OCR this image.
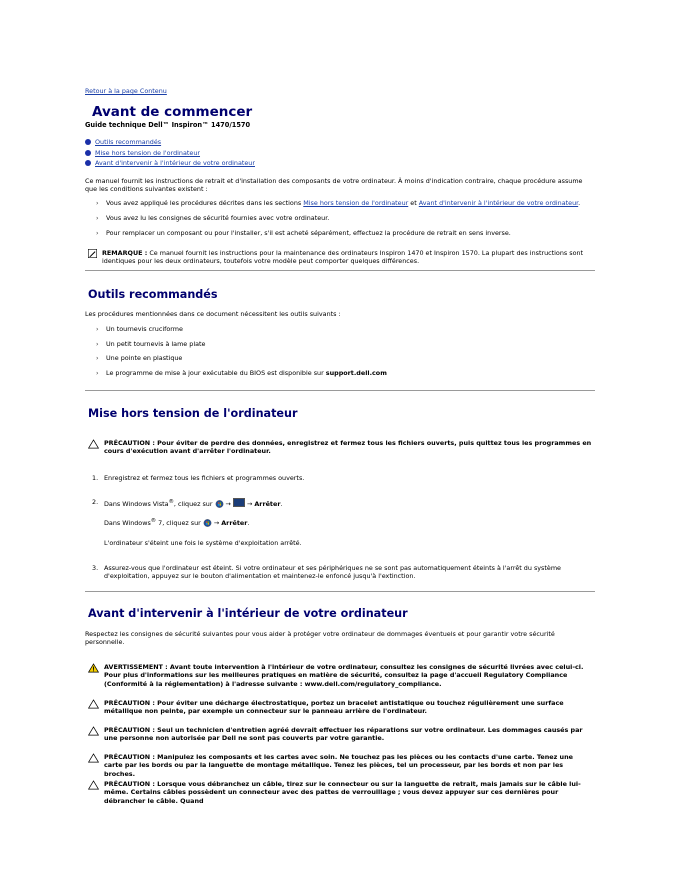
Retour à la page Contenu
Avant de commencer
Guide technique Dell™ Inspiron™ 1470/1570
Outils recommandés
Mise hors tension de l'ordinateur
Avant d'intervenir à l'intérieur de votre ordinateur
Ce manuel fournit les instructions de retrait et d'installation des composants de votre ordinateur. À moins d'indication contraire, chaque procédure assume que les conditions suivantes existent :
›	Vous avez appliqué les procédures décrites dans les sections Mise hors tension de l'ordinateur et Avant d'intervenir à l'intérieur de votre ordinateur.
›	Vous avez lu les consignes de sécurité fournies avec votre ordinateur.
›	Pour remplacer un composant ou pour l'installer, s'il est acheté séparément, effectuez la procédure de retrait en sens inverse.
REMARQUE : Ce manuel fournit les instructions pour la maintenance des ordinateurs Inspiron 1470 et Inspiron 1570. La plupart des instructions sont identiques pour les deux ordinateurs, toutefois votre modèle peut comporter quelques différences.
Outils recommandés
Les procédures mentionnées dans ce document nécessitent les outils suivants :
›	Un tournevis cruciforme
›	Un petit tournevis à lame plate
›	Une pointe en plastique
›	Le programme de mise à jour exécutable du BIOS est disponible sur support.dell.com
Mise hors tension de l'ordinateur
PRÉCAUTION : Pour éviter de perdre des données, enregistrez et fermez tous les fichiers ouverts, puis quittez tous les programmes en cours d'exécution avant d'arrêter l'ordinateur.
1. Enregistrez et fermez tous les fichiers et programmes ouverts.
2. Dans Windows Vista®, cliquez sur  →  → Arrêter.
Dans Windows® 7, cliquez sur  → Arrêter.
L'ordinateur s'éteint une fois le système d'exploitation arrêté.
3. Assurez-vous que l'ordinateur est éteint. Si votre ordinateur et ses périphériques ne se sont pas automatiquement éteints à l'arrêt du système d'exploitation, appuyez sur le bouton d'alimentation et maintenez-le enfoncé jusqu'à l'extinction.
Avant d'intervenir à l'intérieur de votre ordinateur
Respectez les consignes de sécurité suivantes pour vous aider à protéger votre ordinateur de dommages éventuels et pour garantir votre sécurité personnelle.
AVERTISSEMENT : Avant toute intervention à l'intérieur de votre ordinateur, consultez les consignes de sécurité livrées avec celui-ci. Pour plus d'informations sur les meilleures pratiques en matière de sécurité, consultez la page d'accueil Regulatory Compliance (Conformité à la réglementation) à l'adresse suivante : www.dell.com/regulatory_compliance.
PRÉCAUTION : Pour éviter une décharge électrostatique, portez un bracelet antistatique ou touchez régulièrement une surface métallique non peinte, par exemple un connecteur sur le panneau arrière de l'ordinateur.
PRÉCAUTION : Seul un technicien d'entretien agréé devrait effectuer les réparations sur votre ordinateur. Les dommages causés par une personne non autorisée par Dell ne sont pas couverts par votre garantie.
PRÉCAUTION : Manipulez les composants et les cartes avec soin. Ne touchez pas les pièces ou les contacts d'une carte. Tenez une carte par les bords ou par la languette de montage métallique. Tenez les pièces, tel un processeur, par les bords et non par les broches.
PRÉCAUTION : Lorsque vous débranchez un câble, tirez sur le connecteur ou sur la languette de retrait, mais jamais sur le câble lui-même. Certains câbles possèdent un connecteur avec des pattes de verrouillage ; vous devez appuyer sur ces dernières pour débrancher le câble. Quand
